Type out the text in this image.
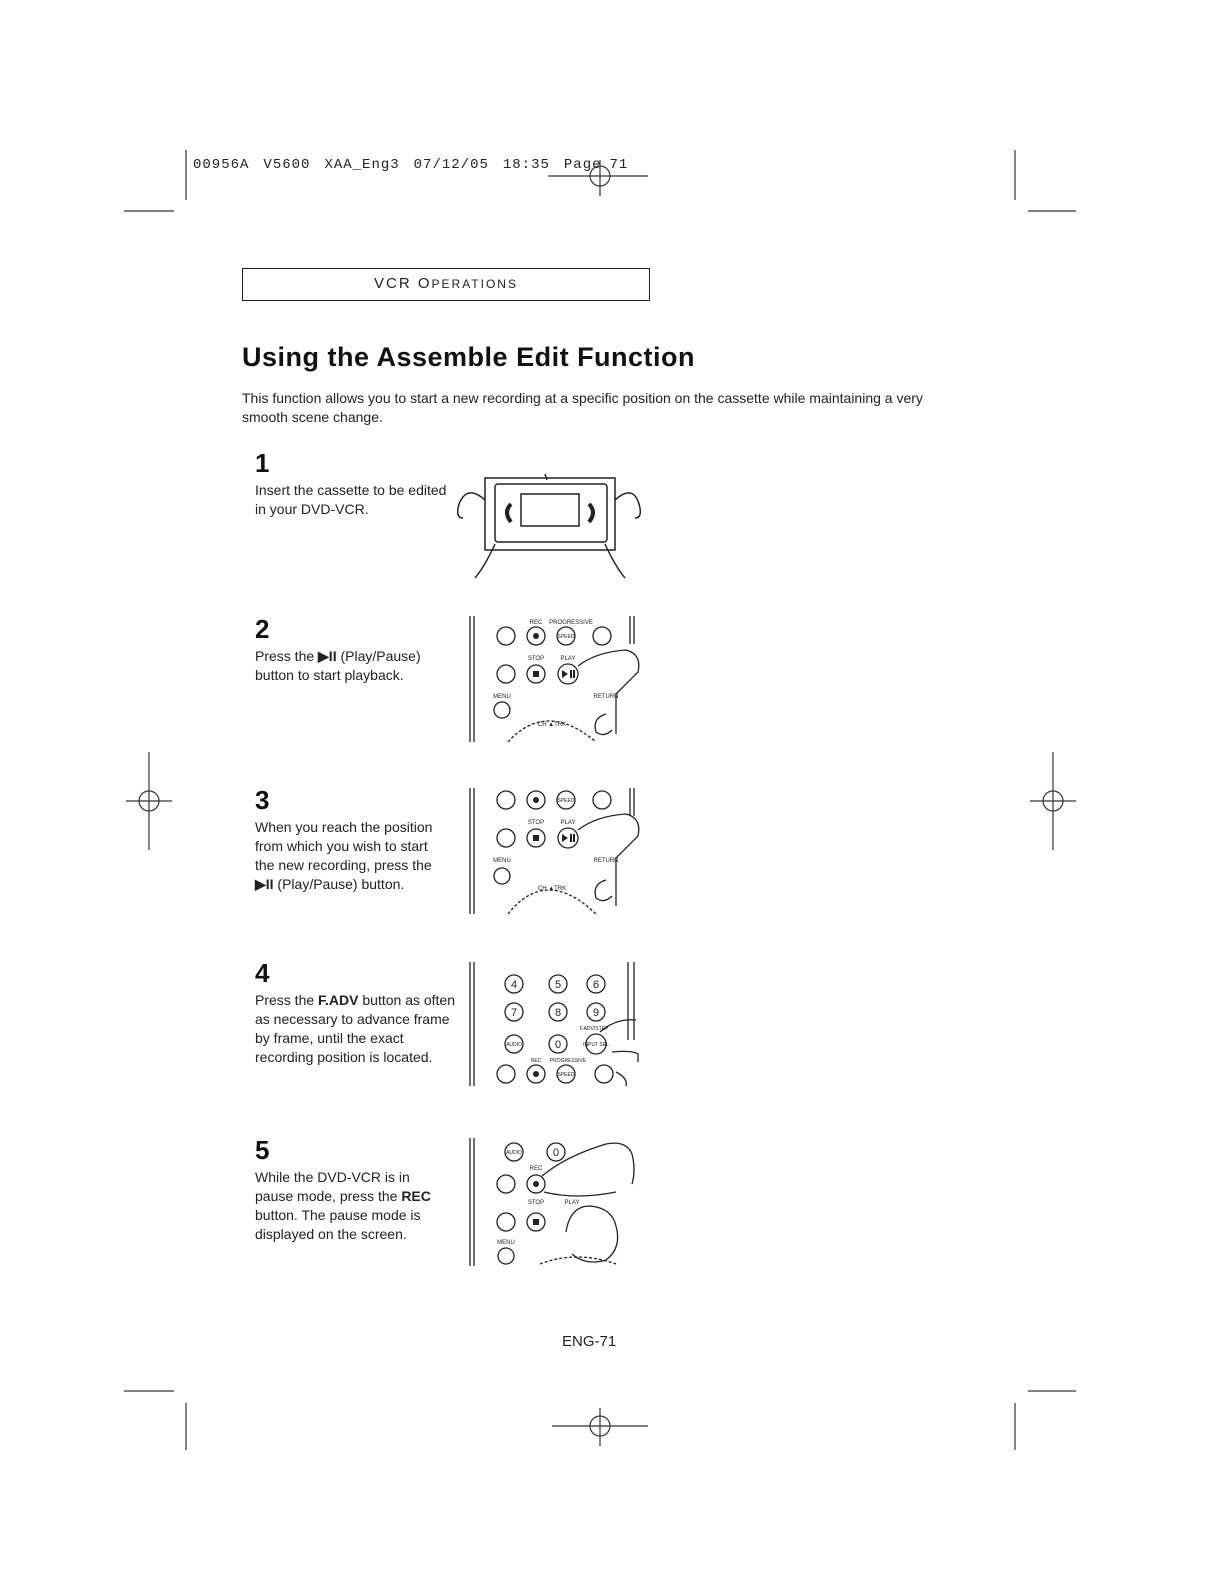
00956A V5600 XAA_Eng3 07/12/05 18:35 Page 71
VCR OPERATIONS
Using the Assemble Edit Function
This function allows you to start a new recording at a specific position on the cassette while maintaining a very smooth scene change.
1
Insert the cassette to be edited in your DVD-VCR.
2
Press the ▶II (Play/Pause) button to start playback.
REC PROGRESSIVE
STOP	PLAY
MENU	RETURN
CH ▲TRK
SPEED
3
When you reach the position from which you wish to start the new recording, press the ▶II (Play/Pause) button.
STOP	PLAY
MENU	RETURN
CH ▲TRK
SPEED
4
Press the F.ADV button as often as necessary to advance frame by frame, until the exact recording position is located.
4	5	6
7	8	9
0
AUDIO	INPUT SEL
F.ADV/STEP
REC PROGRESSIVE
SPEED
5
While the DVD-VCR is in pause mode, press the REC button. The pause mode is displayed on the screen.
REC
STOP	PLAY
MENU
AUDIO	0
ENG-71
